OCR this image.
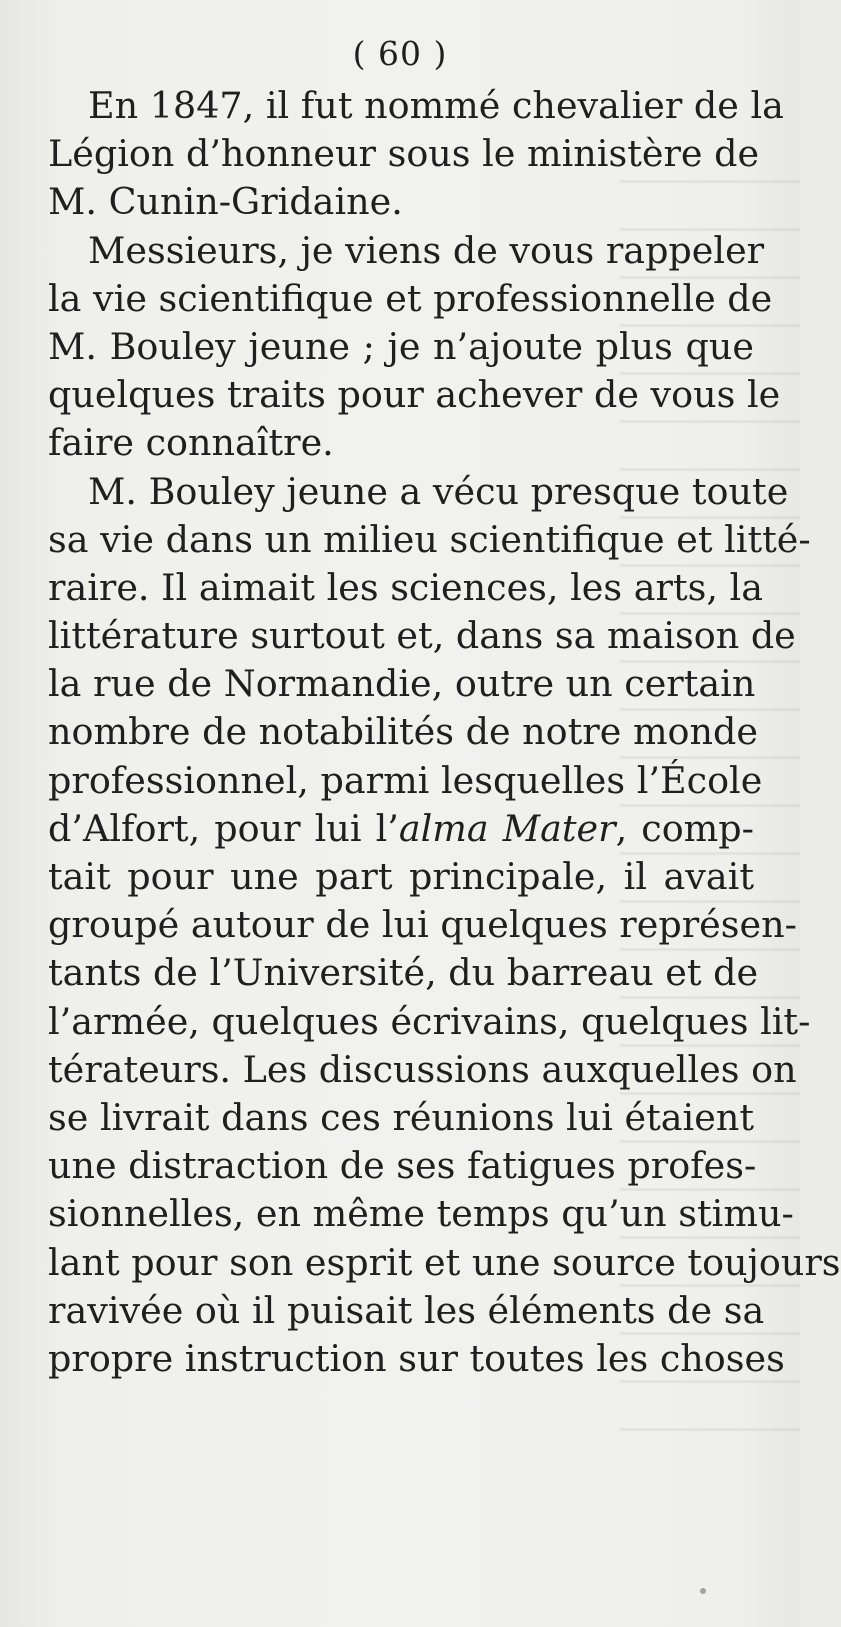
( 60 )
En 1847, il fut nommé chevalier de la
Légion d’honneur sous le ministère de
M. Cunin-Gridaine.
Messieurs, je viens de vous rappeler
la vie scientifique et professionnelle de
M. Bouley jeune ; je n’ajoute plus que
quelques traits pour achever de vous le
faire connaître.
M. Bouley jeune a vécu presque toute
sa vie dans un milieu scientifique et litté-
raire. Il aimait les sciences, les arts, la
littérature surtout et, dans sa maison de
la rue de Normandie, outre un certain
nombre de notabilités de notre monde
professionnel, parmi lesquelles l’École
d’Alfort, pour lui l’alma Mater, comp-
tait pour une part principale, il avait
groupé autour de lui quelques représen-
tants de l’Université, du barreau et de
l’armée, quelques écrivains, quelques lit-
térateurs. Les discussions auxquelles on
se livrait dans ces réunions lui étaient
une distraction de ses fatigues profes-
sionnelles, en même temps qu’un stimu-
lant pour son esprit et une source toujours
ravivée où il puisait les éléments de sa
propre instruction sur toutes les choses
